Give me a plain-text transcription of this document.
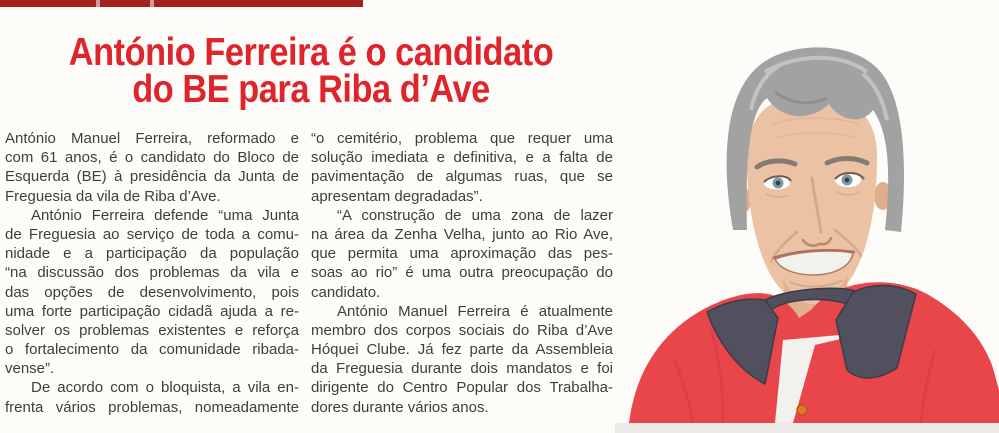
António Ferreira é o candidato
do BE para Riba d’Ave
António Manuel Ferreira, reformado e
com 61 anos, é o candidato do Bloco de
Esquerda (BE) à presidência da Junta de
Freguesia da vila de Riba d’Ave.
António Ferreira defende “uma Junta
de Freguesia ao serviço de toda a comu-
nidade e a participação da população
“na discussão dos problemas da vila e
das opções de desenvolvimento, pois
uma forte participação cidadã ajuda a re-
solver os problemas existentes e reforça
o fortalecimento da comunidade ribada-
vense”.
De acordo com o bloquista, a vila en-
frenta vários problemas, nomeadamente
“o cemitério, problema que requer uma
solução imediata e definitiva, e a falta de
pavimentação de algumas ruas, que se
apresentam degradadas”.
“A construção de uma zona de lazer
na área da Zenha Velha, junto ao Rio Ave,
que permita uma aproximação das pes-
soas ao rio” é uma outra preocupação do
candidato.
António Manuel Ferreira é atualmente
membro dos corpos sociais do Riba d’Ave
Hóquei Clube. Já fez parte da Assembleia
da Freguesia durante dois mandatos e foi
dirigente do Centro Popular dos Trabalha-
dores durante vários anos.
